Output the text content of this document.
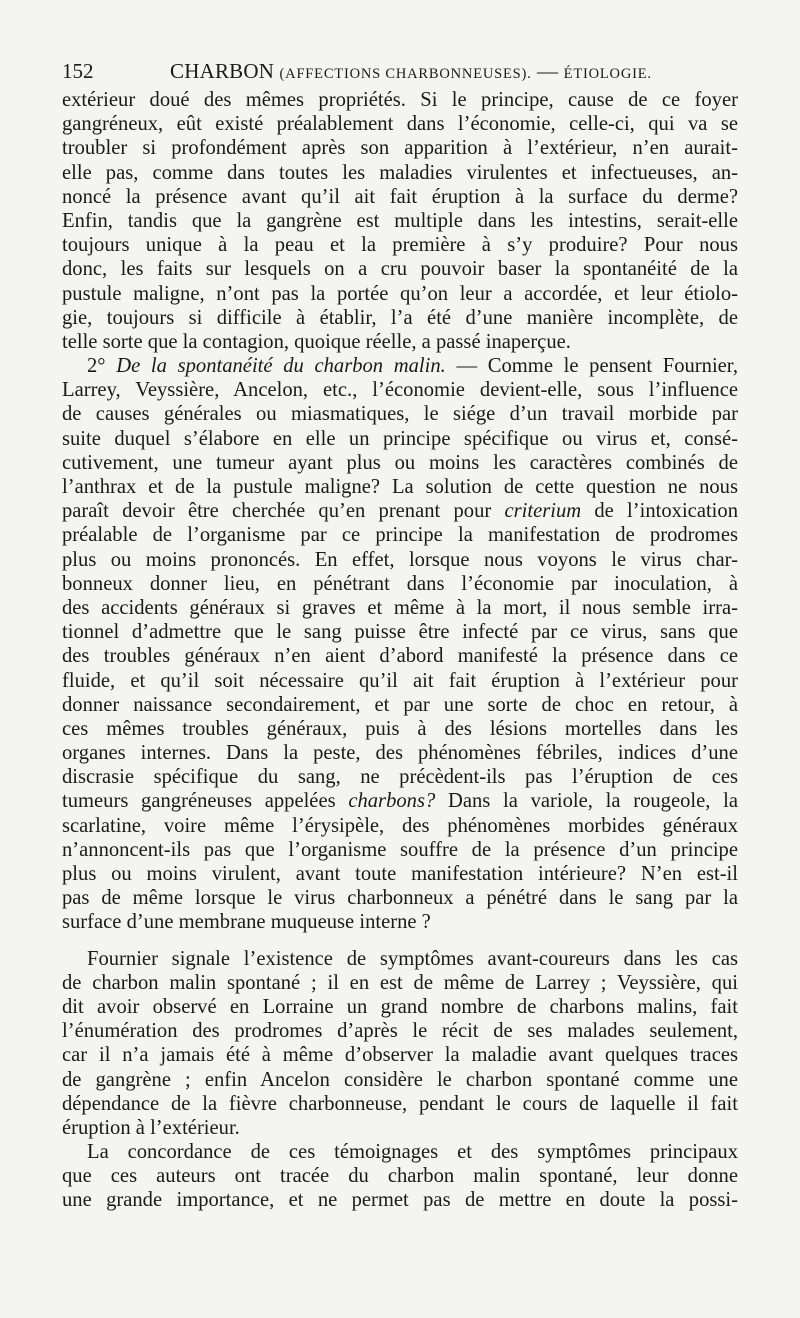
152	CHARBON (AFFECTIONS CHARBONNEUSES). — ÉTIOLOGIE.
extérieur doué des mêmes propriétés. Si le principe, cause de ce foyer
gangréneux, eût existé préalablement dans l’économie, celle-ci, qui va se
troubler si profondément après son apparition à l’extérieur, n’en aurait-
elle pas, comme dans toutes les maladies virulentes et infectueuses, an-
noncé la présence avant qu’il ait fait éruption à la surface du derme?
Enfin, tandis que la gangrène est multiple dans les intestins, serait-elle
toujours unique à la peau et la première à s’y produire? Pour nous
donc, les faits sur lesquels on a cru pouvoir baser la spontanéité de la
pustule maligne, n’ont pas la portée qu’on leur a accordée, et leur étiolo-
gie, toujours si difficile à établir, l’a été d’une manière incomplète, de
telle sorte que la contagion, quoique réelle, a passé inaperçue.
2° De la spontanéité du charbon malin. — Comme le pensent Fournier,
Larrey, Veyssière, Ancelon, etc., l’économie devient-elle, sous l’influence
de causes générales ou miasmatiques, le siége d’un travail morbide par
suite duquel s’élabore en elle un principe spécifique ou virus et, consé-
cutivement, une tumeur ayant plus ou moins les caractères combinés de
l’anthrax et de la pustule maligne? La solution de cette question ne nous
paraît devoir être cherchée qu’en prenant pour criterium de l’intoxication
préalable de l’organisme par ce principe la manifestation de prodromes
plus ou moins prononcés. En effet, lorsque nous voyons le virus char-
bonneux donner lieu, en pénétrant dans l’économie par inoculation, à
des accidents généraux si graves et même à la mort, il nous semble irra-
tionnel d’admettre que le sang puisse être infecté par ce virus, sans que
des troubles généraux n’en aient d’abord manifesté la présence dans ce
fluide, et qu’il soit nécessaire qu’il ait fait éruption à l’extérieur pour
donner naissance secondairement, et par une sorte de choc en retour, à
ces mêmes troubles généraux, puis à des lésions mortelles dans les
organes internes. Dans la peste, des phénomènes fébriles, indices d’une
discrasie spécifique du sang, ne précèdent-ils pas l’éruption de ces
tumeurs gangréneuses appelées charbons? Dans la variole, la rougeole, la
scarlatine, voire même l’érysipèle, des phénomènes morbides généraux
n’annoncent-ils pas que l’organisme souffre de la présence d’un principe
plus ou moins virulent, avant toute manifestation intérieure? N’en est-il
pas de même lorsque le virus charbonneux a pénétré dans le sang par la
surface d’une membrane muqueuse interne ?
Fournier signale l’existence de symptômes avant-coureurs dans les cas
de charbon malin spontané ; il en est de même de Larrey ; Veyssière, qui
dit avoir observé en Lorraine un grand nombre de charbons malins, fait
l’énumération des prodromes d’après le récit de ses malades seulement,
car il n’a jamais été à même d’observer la maladie avant quelques traces
de gangrène ; enfin Ancelon considère le charbon spontané comme une
dépendance de la fièvre charbonneuse, pendant le cours de laquelle il fait
éruption à l’extérieur.
La concordance de ces témoignages et des symptômes principaux
que ces auteurs ont tracée du charbon malin spontané, leur donne
une grande importance, et ne permet pas de mettre en doute la possi-
